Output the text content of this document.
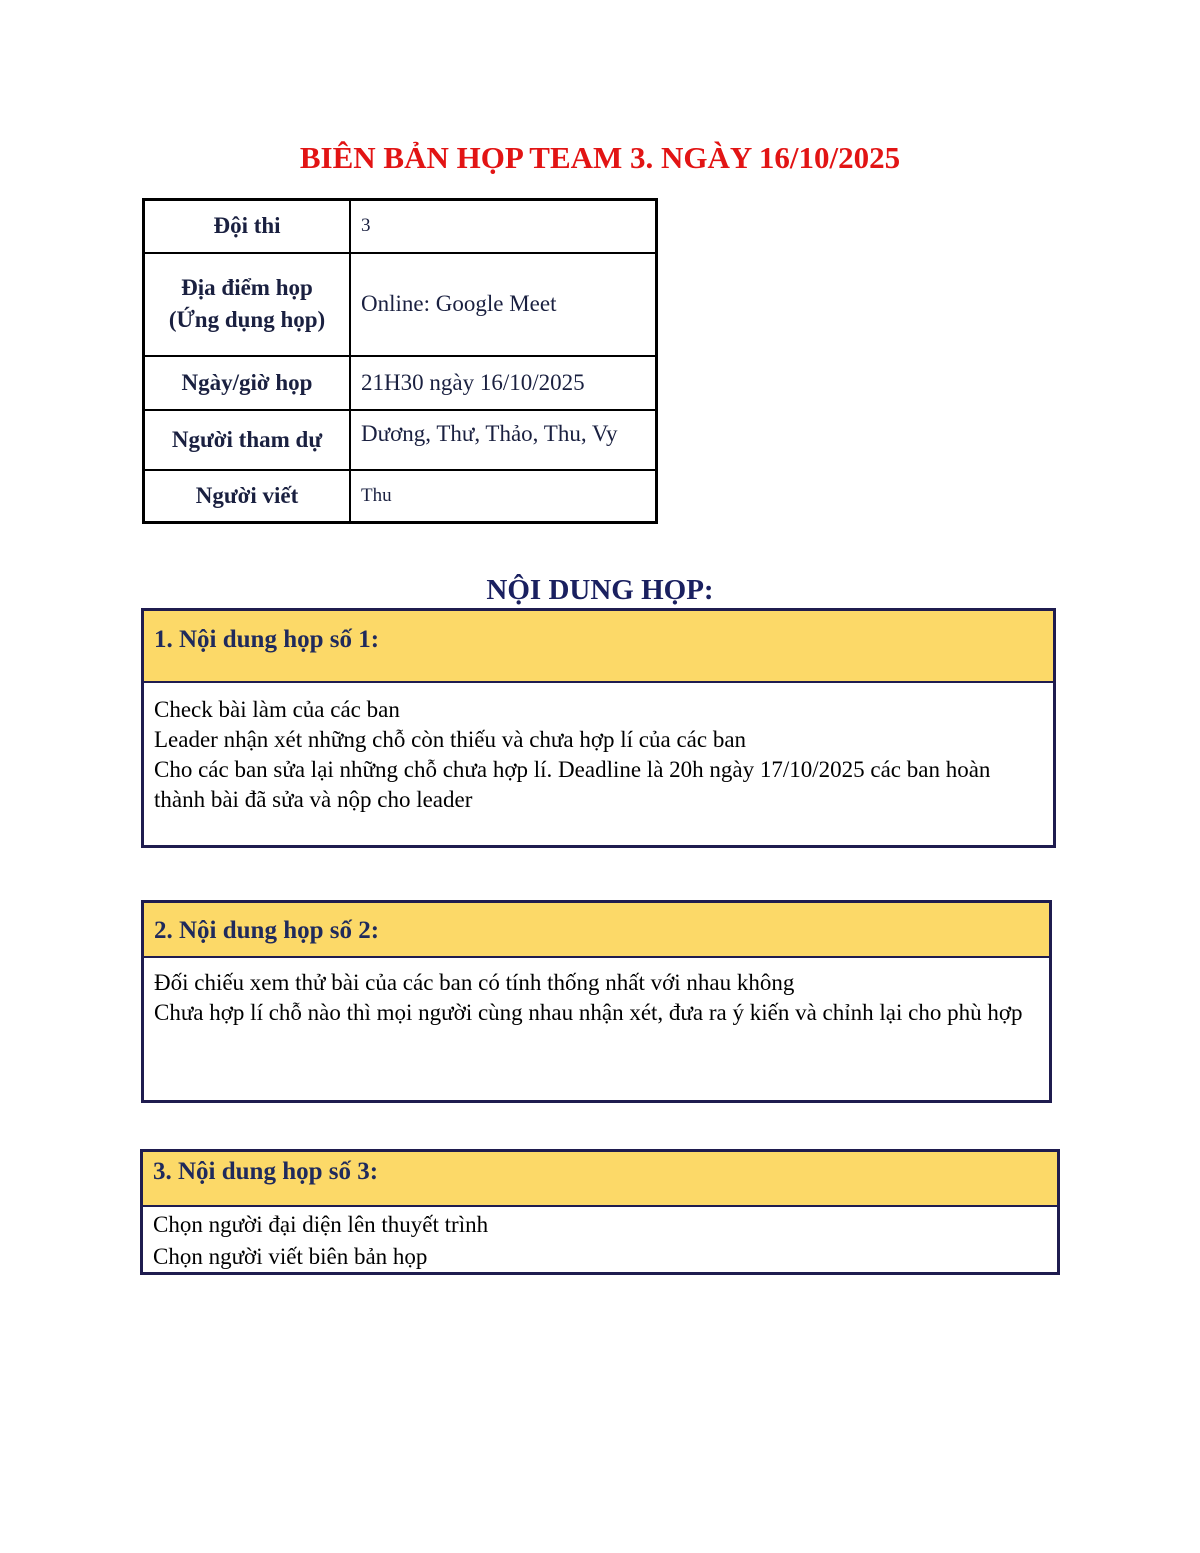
BIÊN BẢN HỌP TEAM 3. NGÀY 16/10/2025
Đội thi	3

Địa điểm họp
(Ứng dụng họp)	Online: Google Meet
Ngày/giờ họp	21H30 ngày 16/10/2025
Người tham dự	Dương, Thư, Thảo, Thu, Vy
Người viết	Thu
NỘI DUNG HỌP:
1. Nội dung họp số 1:
Check bài làm của các ban
Leader nhận xét những chỗ còn thiếu và chưa hợp lí của các ban
Cho các ban sửa lại những chỗ chưa hợp lí. Deadline là 20h ngày 17/10/2025 các ban hoàn thành bài đã sửa và nộp cho leader
2. Nội dung họp số 2:
Đối chiếu xem thử bài của các ban có tính thống nhất với nhau không
Chưa hợp lí chỗ nào thì mọi người cùng nhau nhận xét, đưa ra ý kiến và chỉnh lại cho phù hợp
3. Nội dung họp số 3:
Chọn người đại diện lên thuyết trình
Chọn người viết biên bản họp
